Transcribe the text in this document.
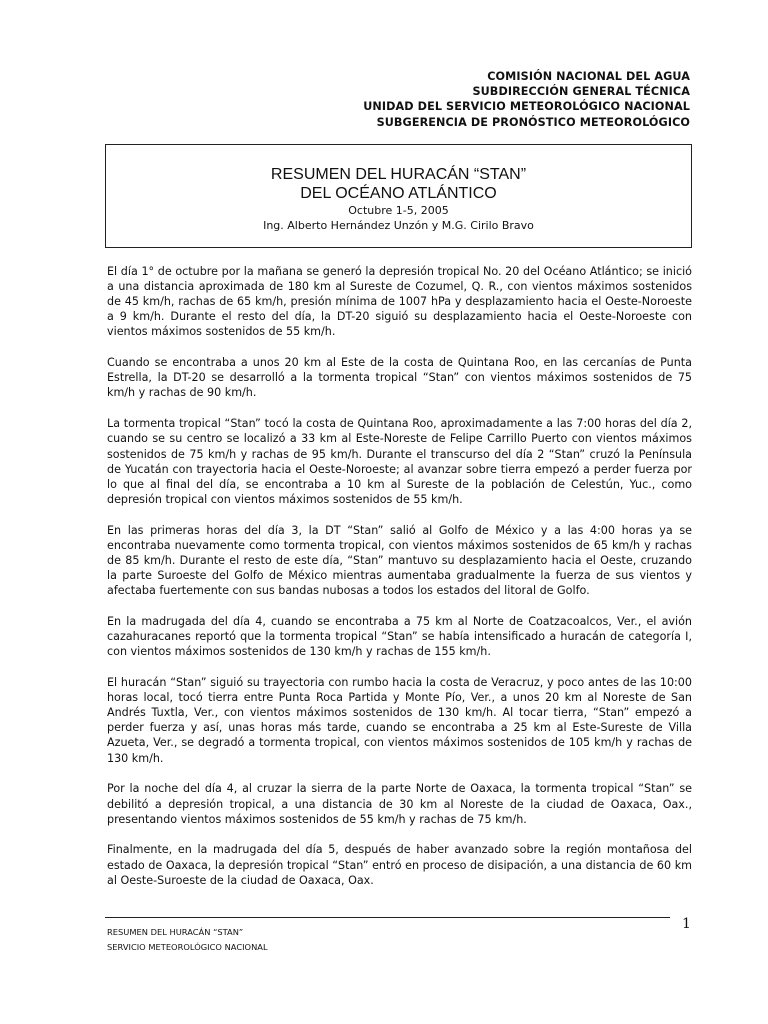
COMISIÓN NACIONAL DEL AGUA
SUBDIRECCIÓN GENERAL TÉCNICA
UNIDAD DEL SERVICIO METEOROLÓGICO NACIONAL
SUBGERENCIA DE PRONÓSTICO METEOROLÓGICO
RESUMEN DEL HURACÁN “STAN”
DEL OCÉANO ATLÁNTICO
Octubre 1-5, 2005
Ing. Alberto Hernández Unzón y M.G. Cirilo Bravo

El día 1° de octubre por la mañana se generó la depresión tropical No. 20 del Océano Atlántico; se inició a una distancia aproximada de 180 km al Sureste de Cozumel, Q. R., con vientos máximos sostenidos de 45 km/h, rachas de 65 km/h, presión mínima de 1007 hPa y desplazamiento hacia el Oeste-Noroeste a 9 km/h. Durante el resto del día, la DT-20 siguió su desplazamiento hacia el Oeste-Noroeste con vientos máximos sostenidos de 55 km/h.

Cuando se encontraba a unos 20 km al Este de la costa de Quintana Roo, en las cercanías de Punta Estrella, la DT-20 se desarrolló a la tormenta tropical “Stan” con vientos máximos sostenidos de 75 km/h y rachas de 90 km/h.

La tormenta tropical “Stan” tocó la costa de Quintana Roo, aproximadamente a las 7:00 horas del día 2, cuando se su centro se localizó a 33 km al Este-Noreste de Felipe Carrillo Puerto con vientos máximos sostenidos de 75 km/h y rachas de 95 km/h. Durante el transcurso del día 2 “Stan” cruzó la Península de Yucatán con trayectoria hacia el Oeste-Noroeste; al avanzar sobre tierra empezó a perder fuerza por lo que al final del día, se encontraba a 10 km al Sureste de la población de Celestún, Yuc., como depresión tropical con vientos máximos sostenidos de 55 km/h.

En las primeras horas del día 3, la DT “Stan” salió al Golfo de México y a las 4:00 horas ya se encontraba nuevamente como tormenta tropical, con vientos máximos sostenidos de 65 km/h y rachas de 85 km/h. Durante el resto de este día, “Stan” mantuvo su desplazamiento hacia el Oeste, cruzando la parte Suroeste del Golfo de México mientras aumentaba gradualmente la fuerza de sus vientos y afectaba fuertemente con sus bandas nubosas a todos los estados del litoral de Golfo.

En la madrugada del día 4, cuando se encontraba a 75 km al Norte de Coatzacoalcos, Ver., el avión cazahuracanes reportó que la tormenta tropical “Stan” se había intensificado a huracán de categoría I, con vientos máximos sostenidos de 130 km/h y rachas de 155 km/h.

El huracán “Stan” siguió su trayectoria con rumbo hacia la costa de Veracruz, y poco antes de las 10:00 horas local, tocó tierra entre Punta Roca Partida y Monte Pío, Ver., a unos 20 km al Noreste de San Andrés Tuxtla, Ver., con vientos máximos sostenidos de 130 km/h. Al tocar tierra, “Stan” empezó a perder fuerza y así, unas horas más tarde, cuando se encontraba a 25 km al Este-Sureste de Villa Azueta, Ver., se degradó a tormenta tropical, con vientos máximos sostenidos de 105 km/h y rachas de 130 km/h.

Por la noche del día 4, al cruzar la sierra de la parte Norte de Oaxaca, la tormenta tropical “Stan” se debilitó a depresión tropical, a una distancia de 30 km al Noreste de la ciudad de Oaxaca, Oax., presentando vientos máximos sostenidos de 55 km/h y rachas de 75 km/h.

Finalmente, en la madrugada del día 5, después de haber avanzado sobre la región montañosa del estado de Oaxaca, la depresión tropical “Stan” entró en proceso de disipación, a una distancia de 60 km al Oeste-Suroeste de la ciudad de Oaxaca, Oax.

RESUMEN DEL HURACÁN “STAN”
SERVICIO METEOROLÓGICO NACIONAL
1
